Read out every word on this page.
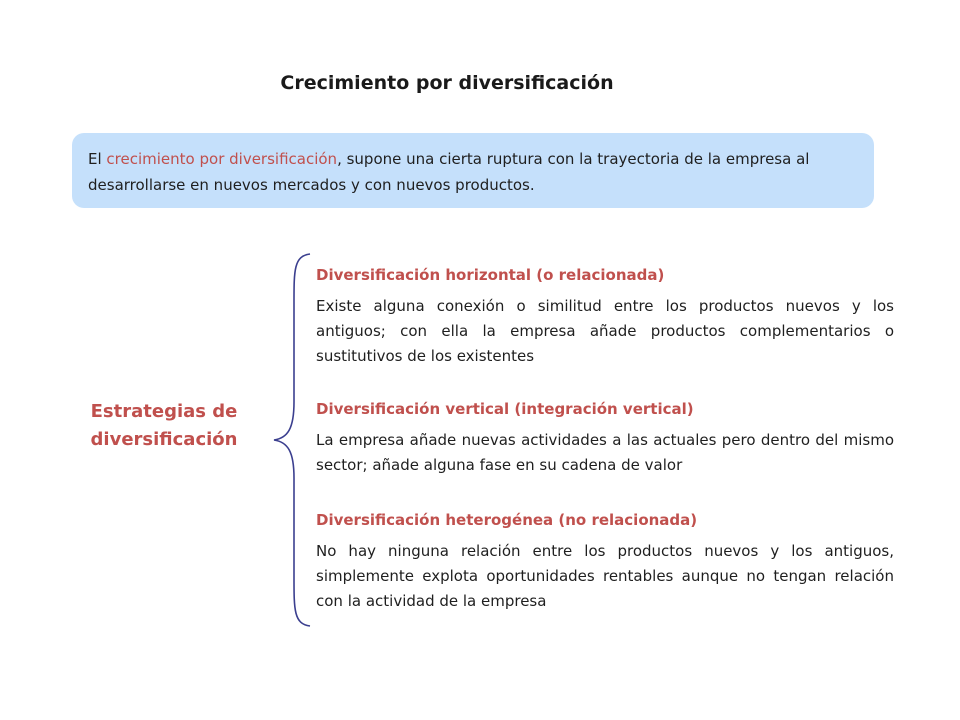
Crecimiento por diversificación
El crecimiento por diversificación, supone una cierta ruptura con la trayectoria de la empresa al desarrollarse en nuevos mercados y con nuevos productos.
Estrategias de
diversificación
Diversificación horizontal (o relacionada)
Existe alguna conexión o similitud entre los productos nuevos y los antiguos; con ella la empresa añade productos complementarios o sustitutivos de los existentes
Diversificación vertical (integración vertical)
La empresa añade nuevas actividades a las actuales pero dentro del mismo sector; añade alguna fase en su cadena de valor
Diversificación heterogénea (no relacionada)
No hay ninguna relación entre los productos nuevos y los antiguos, simplemente explota oportunidades rentables aunque no tengan relación con la actividad de la empresa
